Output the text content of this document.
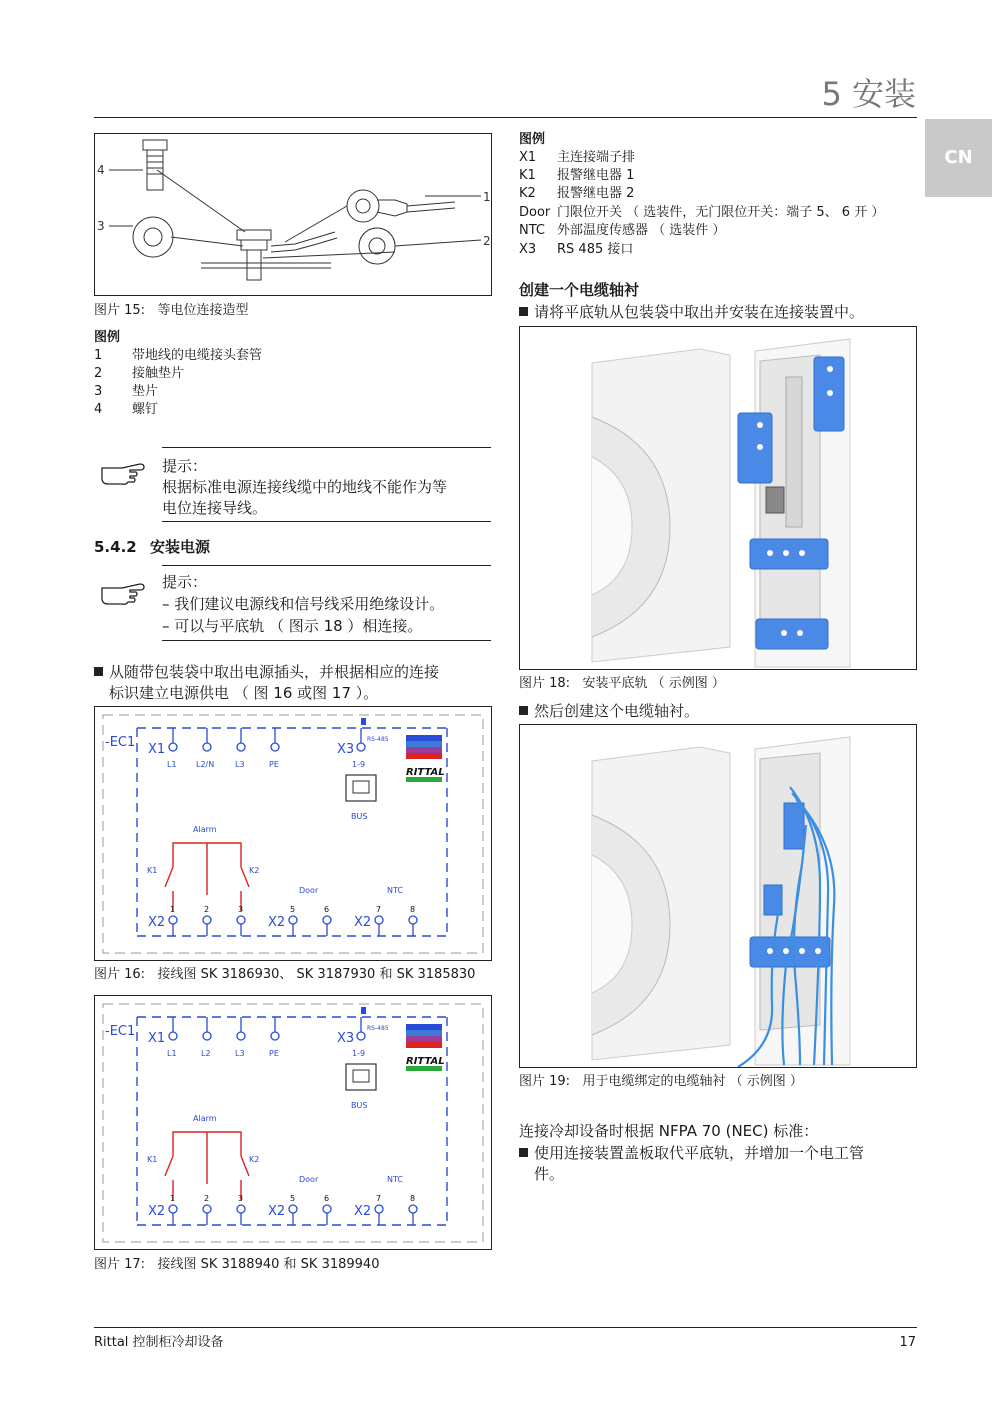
5 安装
CN
4
3
1
2
图片 15:   等电位连接造型
图例
1 带地线的电缆接头套管
2 接触垫片
3 垫片
4 螺钉
提示：
根据标准电源连接线缆中的地线不能作为等
电位连接导线。
5.4.2 安装电源
提示：
– 我们建议电源线和信号线采用绝缘设计。
– 可以与平底轨 （ 图示 18 ）相连接。
从随带包装袋中取出电源插头，并根据相应的连接
标识建立电源供电 （ 图 16 或图 17 ）。
RITTAL
-EC1 X1	X3
X2	X2	X2
L1 L2/N	L3	PE	1-9
RS-485
BUS
Alarm
K1	K2
Door	NTC
1	2	3	5	6	7	8
图片 16:   接线图 SK 3186930、 SK 3187930 和 SK 3185830
RITTAL
-EC1 X1	X3
X2	X2	X2
L1	L2	L3	PE	1-9
RS-485
BUS
Alarm
K1	K2
Door	NTC
1	2	3	5	6	7	8
图片 17:   接线图 SK 3188940 和 SK 3189940
图例
X1 主连接端子排
K1 报警继电器 1
K2 报警继电器 2
Door 门限位开关 （ 选装件，无门限位开关：端子 5、 6 开 ）
NTC 外部温度传感器 （ 选装件 ）
X3 RS 485 接口
创建一个电缆轴衬
请将平底轨从包装袋中取出并安装在连接装置中。
图片 18:   安装平底轨 （ 示例图 ）
然后创建这个电缆轴衬。
图片 19:   用于电缆绑定的电缆轴衬 （ 示例图 ）
连接冷却设备时根据 NFPA 70 (NEC) 标准：
使用连接装置盖板取代平底轨，并增加一个电工管
件。
Rittal 控制柜冷却设备	17
